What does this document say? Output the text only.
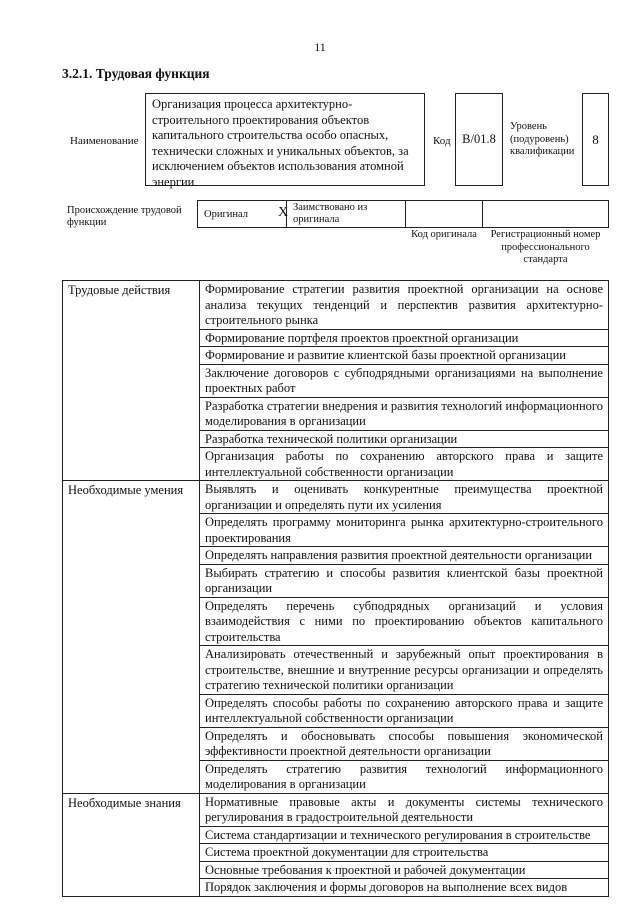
11
3.2.1. Трудовая функция
Наименование
Организация процесса архитектурно-строительного проектирования объектов капитального строительства особо опасных, технически сложных и уникальных объектов, за исключением объектов использования атомной энергии
Код B/01.8
Уровень (подуровень) квалификации
8
Происхождение трудовой функции
Оригинал X Заимствовано из оригинала
Код оригинала	Регистрационный номер профессионального стандарта
Трудовые действия	Формирование стратегии развития проектной организации на основе анализа текущих тенденций и перспектив развития архитектурно-строительного рынка
	Формирование портфеля проектов проектной организации
	Формирование и развитие клиентской базы проектной организации
	Заключение договоров с субподрядными организациями на выполнение проектных работ
	Разработка стратегии внедрения и развития технологий информационного моделирования в организации
	Разработка технической политики организации
	Организация работы по сохранению авторского права и защите интеллектуальной собственности организации
Необходимые умения	Выявлять и оценивать конкурентные преимущества проектной организации и определять пути их усиления
	Определять программу мониторинга рынка архитектурно-строительного проектирования
	Определять направления развития проектной деятельности организации
	Выбирать стратегию и способы развития клиентской базы проектной организации
	Определять перечень субподрядных организаций и условия взаимодействия с ними по проектированию объектов капитального строительства
	Анализировать отечественный и зарубежный опыт проектирования в строительстве, внешние и внутренние ресурсы организации и определять стратегию технической политики организации
	Определять способы работы по сохранению авторского права и защите интеллектуальной собственности организации
	Определять и обосновывать способы повышения экономической эффективности проектной деятельности организации
	Определять стратегию развития технологий информационного моделирования в организации
Необходимые знания	Нормативные правовые акты и документы системы технического регулирования в градостроительной деятельности
	Система стандартизации и технического регулирования в строительстве
	Система проектной документации для строительства
	Основные требования к проектной и рабочей документации
	Порядок заключения и формы договоров на выполнение всех видов
